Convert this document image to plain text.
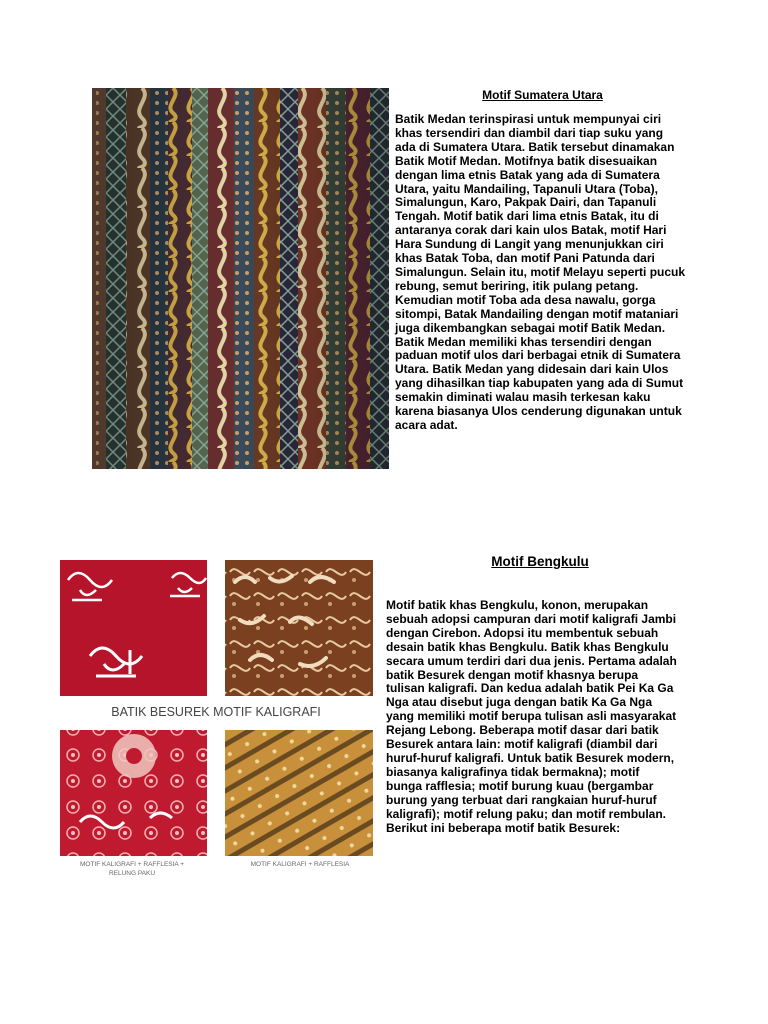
Motif Sumatera Utara

Batik Medan terinspirasi untuk mempunyai ciri khas tersendiri dan diambil dari tiap suku yang ada di Sumatera Utara. Batik tersebut dinamakan Batik Motif Medan. Motifnya batik disesuaikan dengan lima etnis Batak yang ada di Sumatera Utara, yaitu Mandailing, Tapanuli Utara (Toba), Simalungun, Karo, Pakpak Dairi, dan Tapanuli Tengah. Motif batik dari lima etnis Batak, itu di antaranya corak dari kain ulos Batak, motif Hari Hara Sundung di Langit yang menunjukkan ciri khas Batak Toba, dan motif Pani Patunda dari Simalungun. Selain itu, motif Melayu seperti pucuk rebung, semut beriring, itik pulang petang. Kemudian motif Toba ada desa nawalu, gorga sitompi, Batak Mandailing dengan motif mataniari juga dikembangkan sebagai motif Batik Medan.

Batik Medan memiliki khas tersendiri dengan paduan motif ulos dari berbagai etnik di Sumatera Utara. Batik Medan yang didesain dari kain Ulos yang dihasilkan tiap kabupaten yang ada di Sumut semakin diminati walau masih terkesan kaku karena biasanya Ulos cenderung digunakan untuk acara adat.

BATIK BESUREK MOTIF KALIGRAFI
MOTIF KALIGRAFI + RAFFLESIA +
RELUNG PAKU
MOTIF KALIGRAFI + RAFFLESIA
Motif Bengkulu

Motif batik khas Bengkulu, konon, merupakan sebuah adopsi campuran dari motif kaligrafi Jambi dengan Cirebon. Adopsi itu membentuk sebuah desain batik khas Bengkulu. Batik khas Bengkulu secara umum terdiri dari dua jenis. Pertama adalah batik Besurek dengan motif khasnya berupa tulisan kaligrafi. Dan kedua adalah batik Pei Ka Ga Nga atau disebut juga dengan batik Ka Ga Nga yang memiliki motif berupa tulisan asli masyarakat Rejang Lebong. Beberapa motif dasar dari batik Besurek antara lain: motif kaligrafi (diambil dari huruf-huruf kaligrafi. Untuk batik Besurek modern, biasanya kaligrafinya tidak bermakna); motif bunga rafflesia; motif burung kuau (bergambar burung yang terbuat dari rangkaian huruf-huruf kaligrafi); motif relung paku; dan motif rembulan.

Berikut ini beberapa motif batik Besurek:
